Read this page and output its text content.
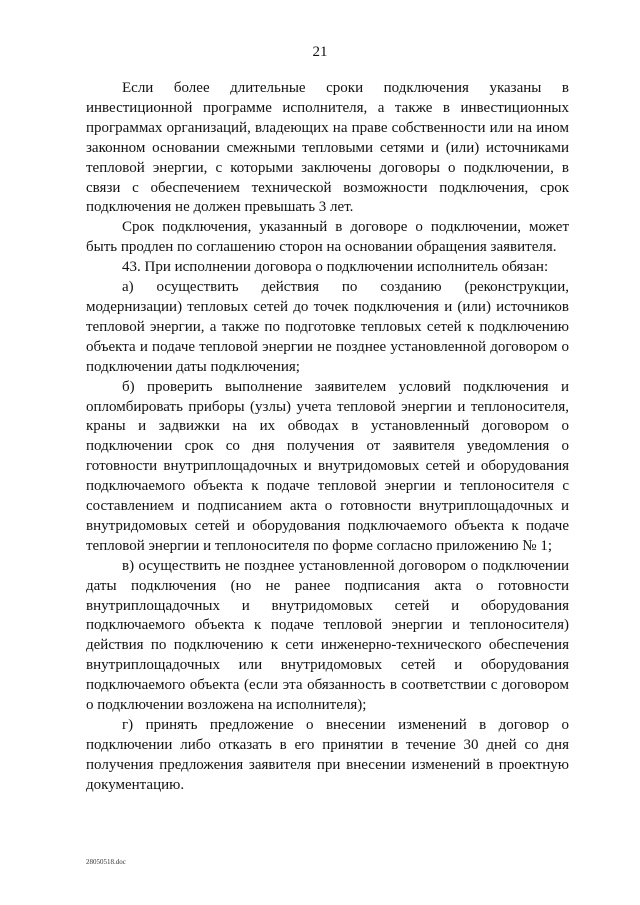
21

Если более длительные сроки подключения указаны в инвестиционной программе исполнителя, а также в инвестиционных программах организаций, владеющих на праве собственности или на ином законном основании смежными тепловыми сетями и (или) источниками тепловой энергии, с которыми заключены договоры о подключении, в связи с обеспечением технической возможности подключения, срок подключения не должен превышать 3 лет.

Срок подключения, указанный в договоре о подключении, может быть продлен по соглашению сторон на основании обращения заявителя.

43. При исполнении договора о подключении исполнитель обязан:

а) осуществить действия по созданию (реконструкции, модернизации) тепловых сетей до точек подключения и (или) источников тепловой энергии, а также по подготовке тепловых сетей к подключению объекта и подаче тепловой энергии не позднее установленной договором о подключении даты подключения;

б) проверить выполнение заявителем условий подключения и опломбировать приборы (узлы) учета тепловой энергии и теплоносителя, краны и задвижки на их обводах в установленный договором о подключении срок со дня получения от заявителя уведомления о готовности внутриплощадочных и внутридомовых сетей и оборудования подключаемого объекта к подаче тепловой энергии и теплоносителя с составлением и подписанием акта о готовности внутриплощадочных и внутридомовых сетей и оборудования подключаемого объекта к подаче тепловой энергии и теплоносителя по форме согласно приложению № 1;

в) осуществить не позднее установленной договором о подключении даты подключения (но не ранее подписания акта о готовности внутриплощадочных и внутридомовых сетей и оборудования подключаемого объекта к подаче тепловой энергии и теплоносителя) действия по подключению к сети инженерно-технического обеспечения внутриплощадочных или внутридомовых сетей и оборудования подключаемого объекта (если эта обязанность в соответствии с договором о подключении возложена на исполнителя);

г) принять предложение о внесении изменений в договор о подключении либо отказать в его принятии в течение 30 дней со дня получения предложения заявителя при внесении изменений в проектную документацию.

28050518.doc
